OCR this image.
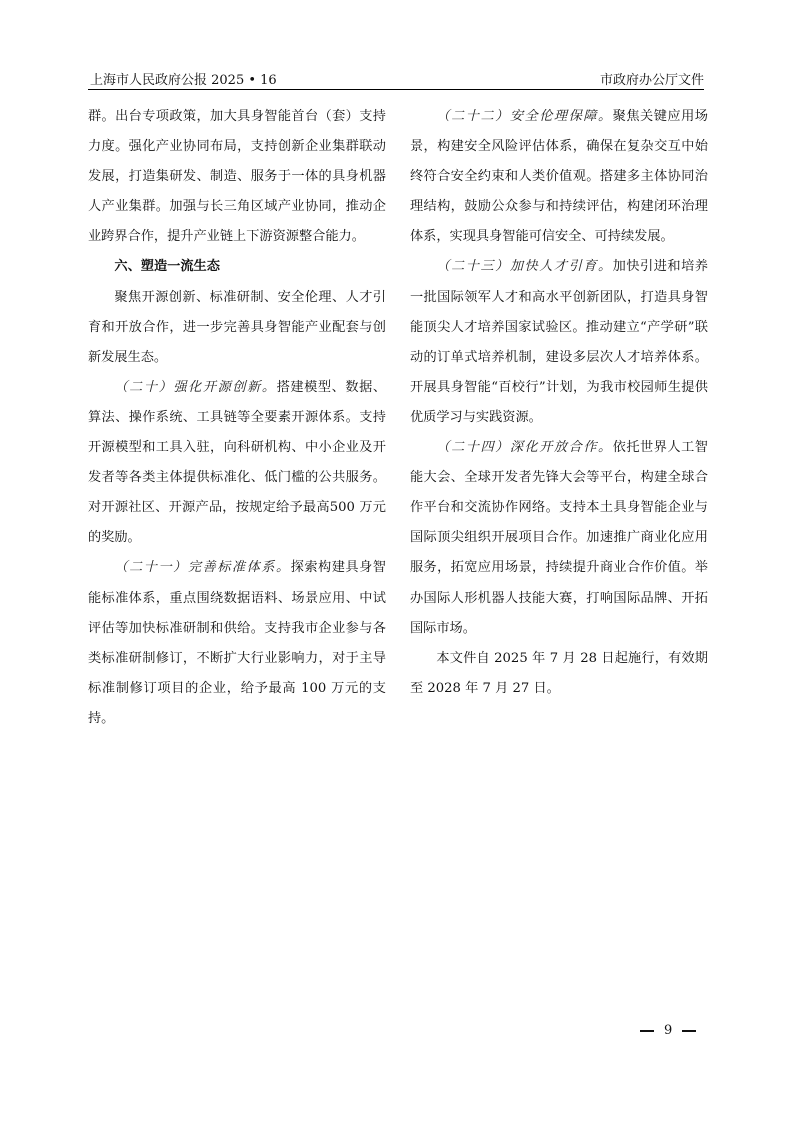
上海市人民政府公报 2025 • 16	市政府办公厅文件

群。出台专项政策，加大具身智能首台（套）支持力度。强化产业协同布局，支持创新企业集群联动发展，打造集研发、制造、服务于一体的具身机器人产业集群。加强与长三角区域产业协同，推动企业跨界合作，提升产业链上下游资源整合能力。

六、塑造一流生态

聚焦开源创新、标准研制、安全伦理、人才引育和开放合作，进一步完善具身智能产业配套与创新发展生态。

（二十）强化开源创新。搭建模型、数据、算法、操作系统、工具链等全要素开源体系。支持开源模型和工具入驻，向科研机构、中小企业及开发者等各类主体提供标准化、低门槛的公共服务。对开源社区、开源产品，按规定给予最高500 万元的奖励。

（二十一）完善标准体系。探索构建具身智能标准体系，重点围绕数据语料、场景应用、中试评估等加快标准研制和供给。支持我市企业参与各类标准研制修订，不断扩大行业影响力，对于主导标准制修订项目的企业，给予最高 100 万元的支持。

（二十二）安全伦理保障。聚焦关键应用场景，构建安全风险评估体系，确保在复杂交互中始终符合安全约束和人类价值观。搭建多主体协同治理结构，鼓励公众参与和持续评估，构建闭环治理体系，实现具身智能可信安全、可持续发展。

（二十三）加快人才引育。加快引进和培养一批国际领军人才和高水平创新团队，打造具身智能顶尖人才培养国家试验区。推动建立“产学研”联动的订单式培养机制，建设多层次人才培养体系。开展具身智能“百校行”计划，为我市校园师生提供优质学习与实践资源。

（二十四）深化开放合作。依托世界人工智能大会、全球开发者先锋大会等平台，构建全球合作平台和交流协作网络。支持本土具身智能企业与国际顶尖组织开展项目合作。加速推广商业化应用服务，拓宽应用场景，持续提升商业合作价值。举办国际人形机器人技能大赛，打响国际品牌、开拓国际市场。

本文件自 2025 年 7 月 28 日起施行，有效期至 2028 年 7 月 27 日。

9
